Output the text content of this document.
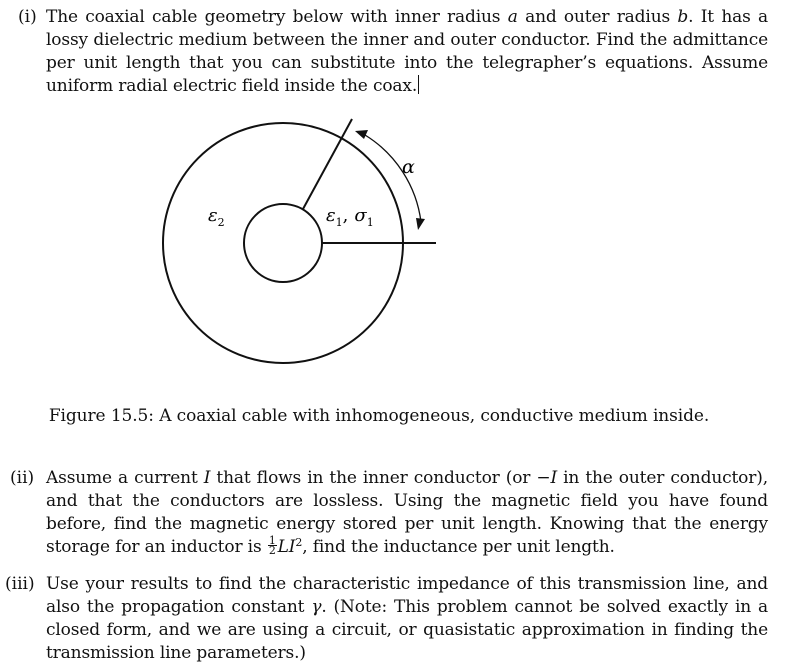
(i) The coaxial cable geometry below with inner radius a and outer radius b. It has a lossy dielectric medium between the inner and outer conductor. Find the admittance per unit length that you can substitute into the telegrapher’s equations. Assume uniform radial electric field inside the coax.
$\varepsilon_2$	$\varepsilon_1$, $\sigma_1$
α
Figure 15.5: A coaxial cable with inhomogeneous, conductive medium inside.
(ii) Assume a current I that flows in the inner conductor (or −I in the outer conductor), and that the conductors are lossless. Using the magnetic field you have found before, find the magnetic energy stored per unit length. Knowing that the energy storage for an inductor is $\frac{1}{2} LI^2$, find the inductance per unit length.
(iii) Use your results to find the characteristic impedance of this transmission line, and also the propagation constant γ. (Note: This problem cannot be solved exactly in a closed form, and we are using a circuit, or quasistatic approximation in finding the transmission line parameters.)
